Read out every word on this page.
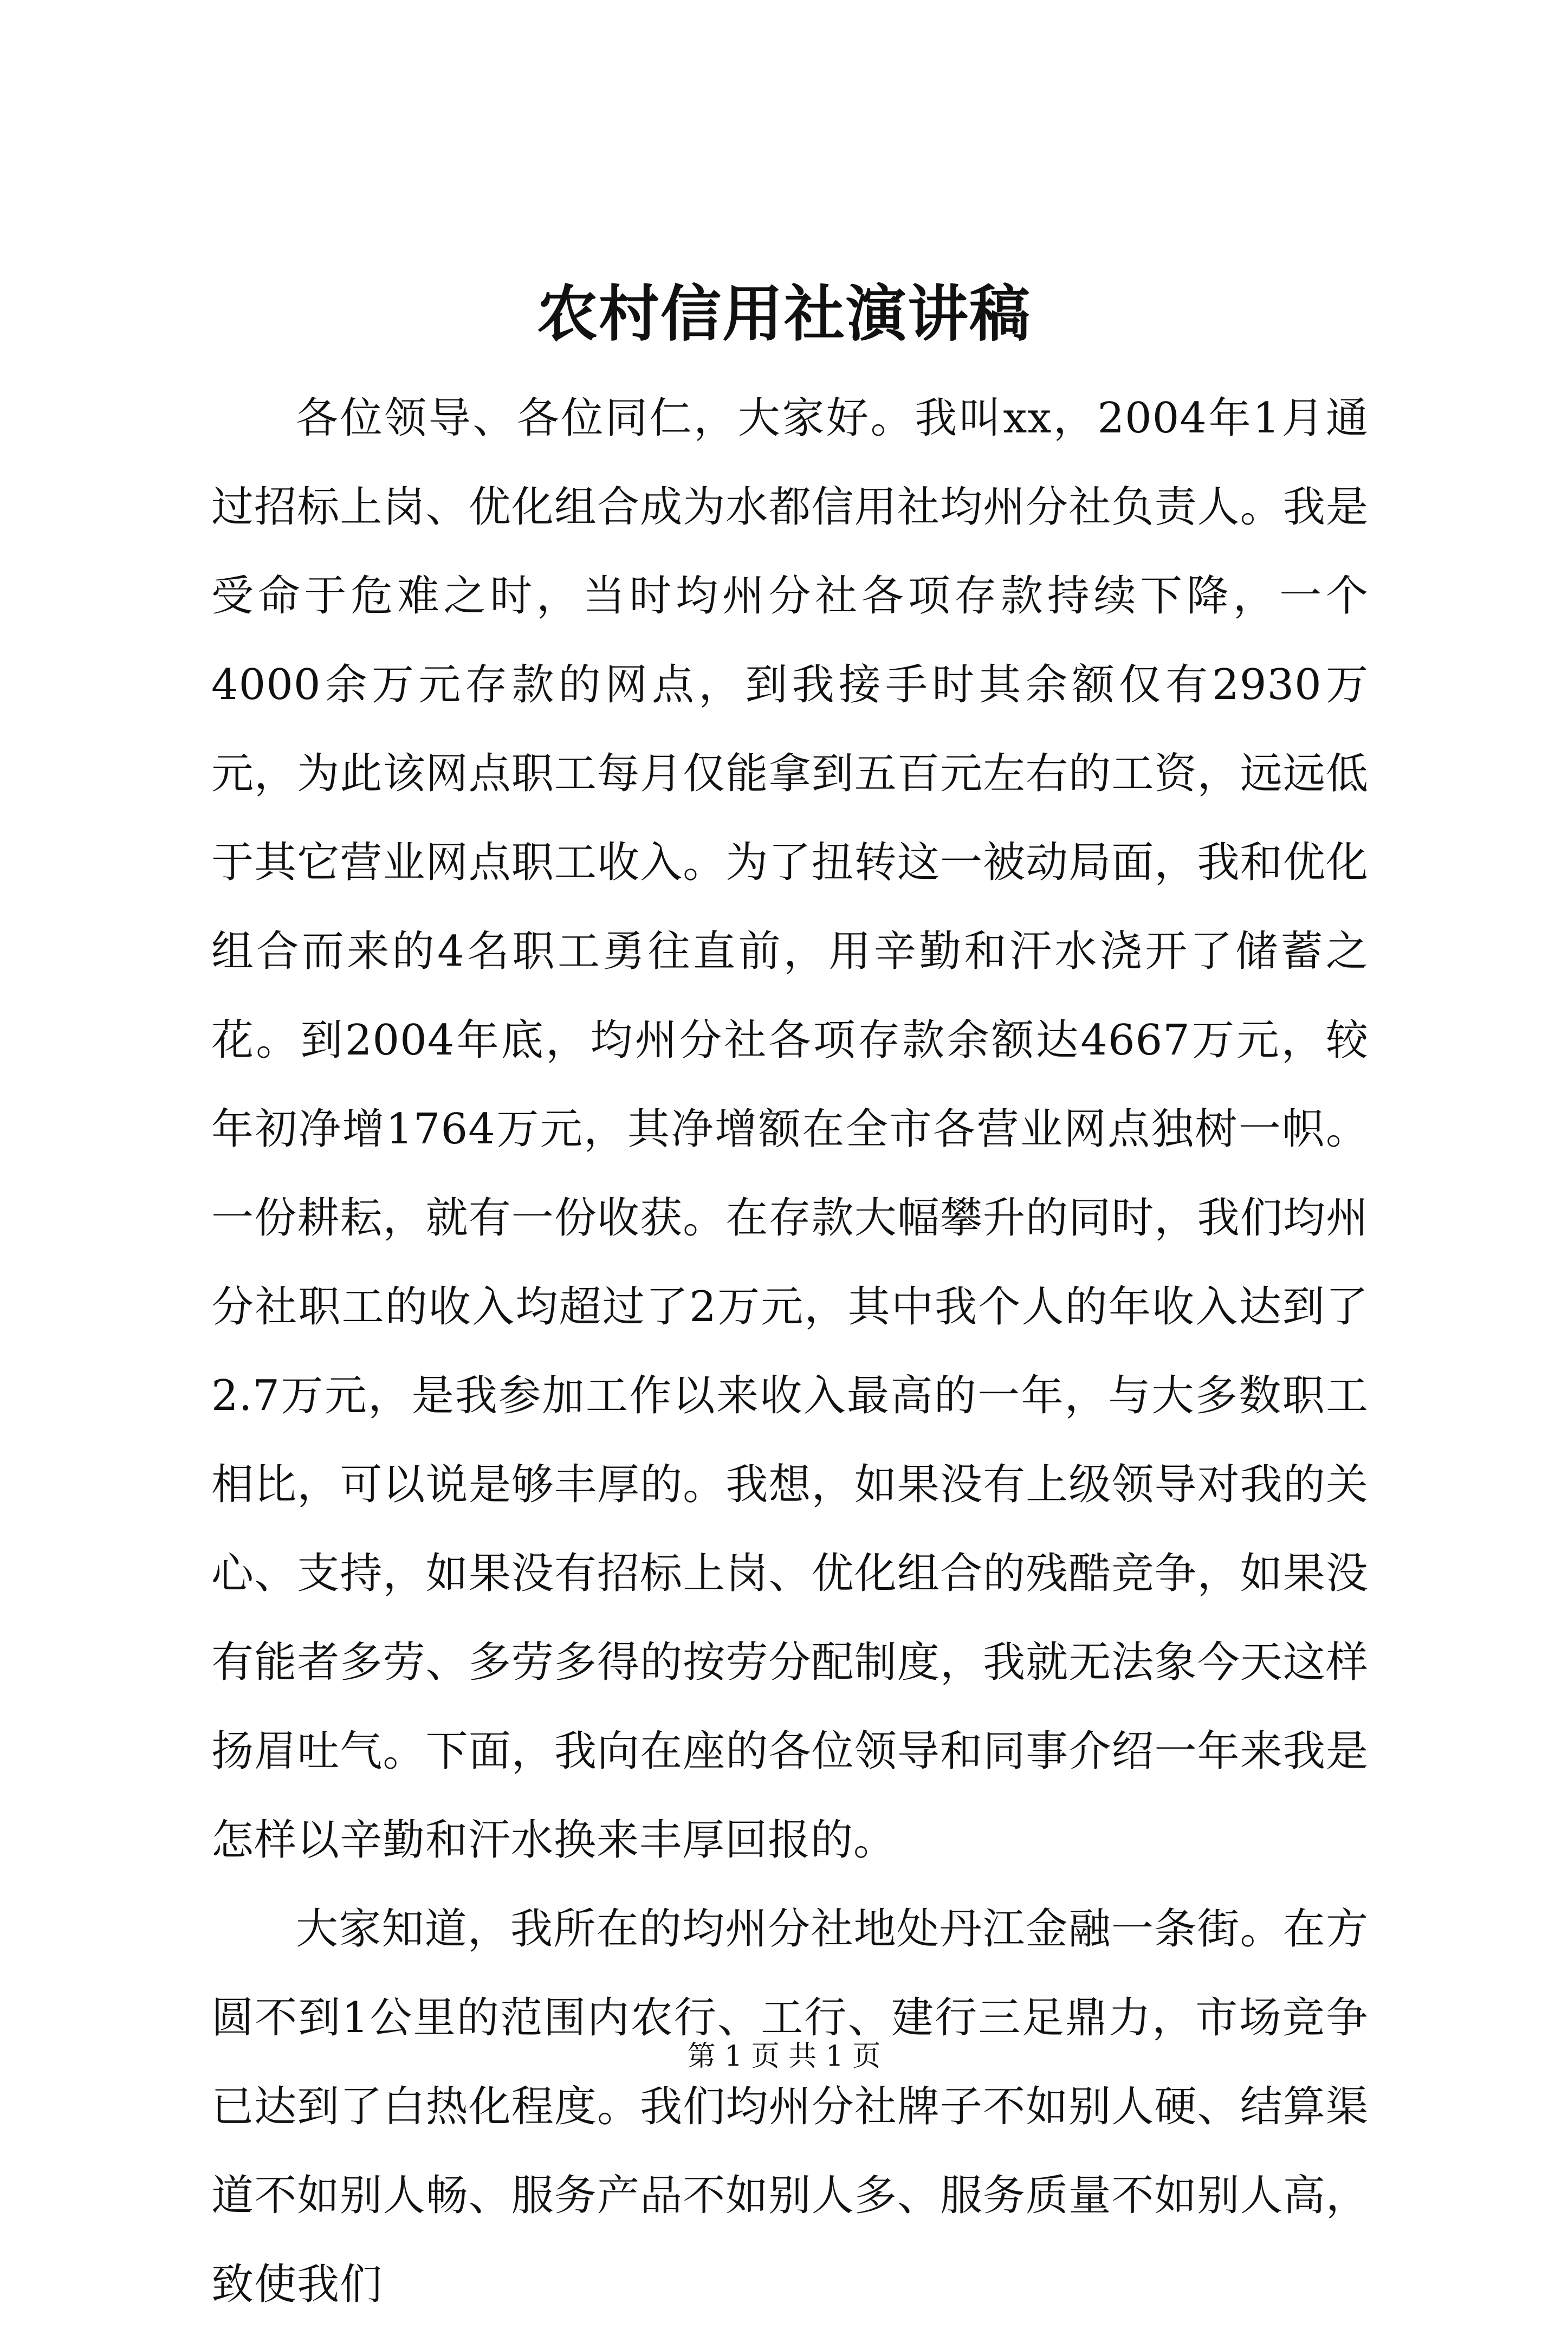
农村信用社演讲稿

各位领导、各位同仁，大家好。我叫xx，2004年1月通过招标上岗、优化组合成为水都信用社均州分社负责人。我是受命于危难之时，当时均州分社各项存款持续下降，一个4000余万元存款的网点，到我接手时其余额仅有2930万元，为此该网点职工每月仅能拿到五百元左右的工资，远远低于其它营业网点职工收入。为了扭转这一被动局面，我和优化组合而来的4名职工勇往直前，用辛勤和汗水浇开了储蓄之花。到2004年底，均州分社各项存款余额达4667万元，较年初净增1764万元，其净增额在全市各营业网点独树一帜。一份耕耘，就有一份收获。在存款大幅攀升的同时，我们均州分社职工的收入均超过了2万元，其中我个人的年收入达到了2.7万元，是我参加工作以来收入最高的一年，与大多数职工相比，可以说是够丰厚的。我想，如果没有上级领导对我的关心、支持，如果没有招标上岗、优化组合的残酷竞争，如果没有能者多劳、多劳多得的按劳分配制度，我就无法象今天这样扬眉吐气。下面，我向在座的各位领导和同事介绍一年来我是怎样以辛勤和汗水换来丰厚回报的。

大家知道，我所在的均州分社地处丹江金融一条街。在方圆不到1公里的范围内农行、工行、建行三足鼎力，市场竞争已达到了白热化程度。我们均州分社牌子不如别人硬、结算渠道不如别人畅、服务产品不如别人多、服务质量不如别人高，致使我们

第 1 页 共 1 页
